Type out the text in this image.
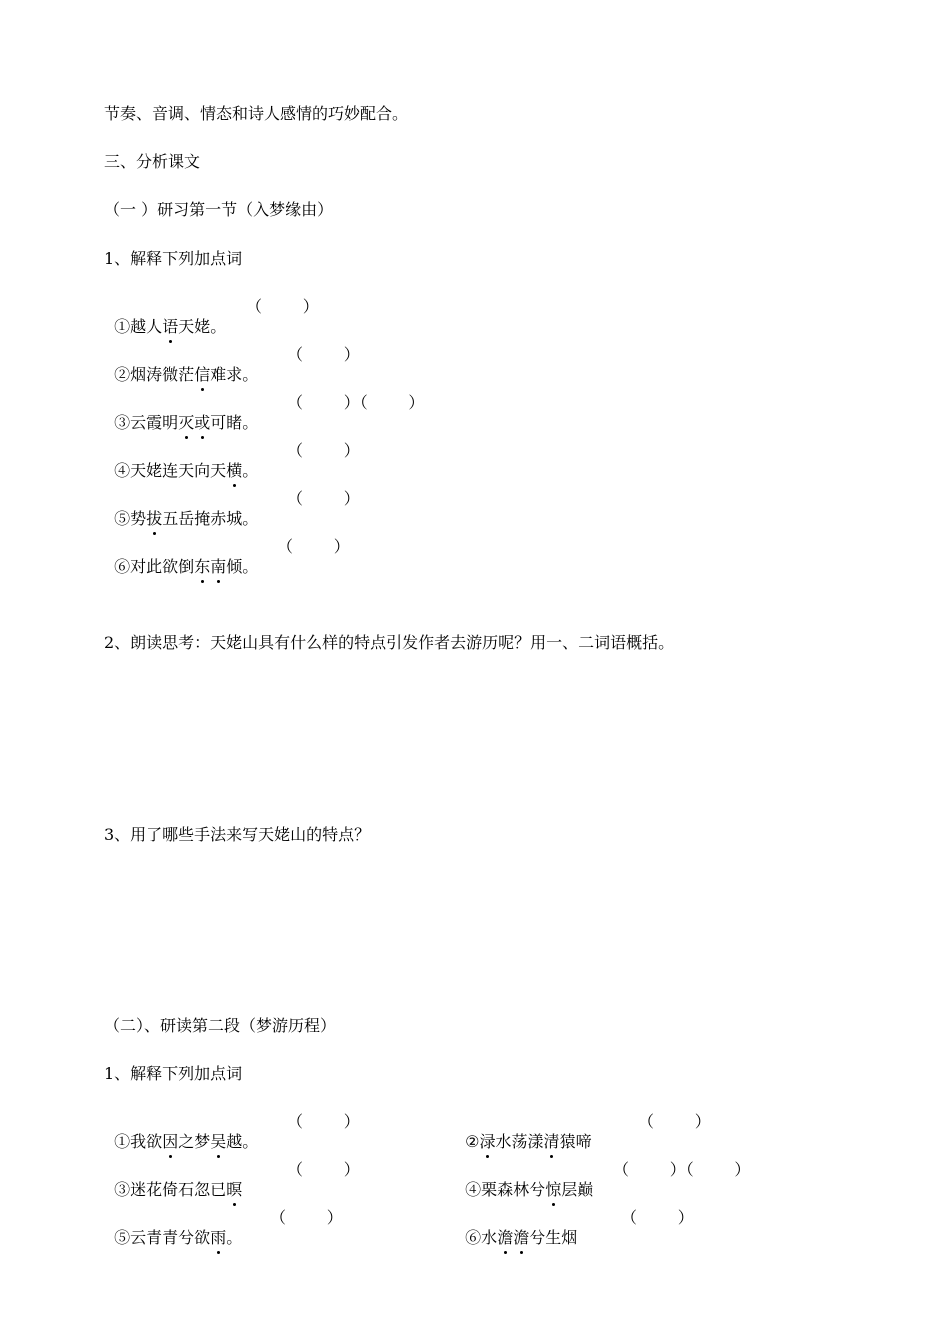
节奏、音调、情态和诗人感情的巧妙配合。
三、分析课文
（一 ）研习第一节（入梦缘由）
1、解释下列加点词

①越人语天姥。

（        ）

②烟涛微茫信难求。

（        ）

③云霞明灭或可睹。

（        ）（        ）

④天姥连天向天横。

（        ）

⑤势拔五岳掩赤城。

（        ）

⑥对此欲倒东南倾。

（        ）
2、朗读思考：天姥山具有什么样的特点引发作者去游历呢？用一、二词语概括。
3、用了哪些手法来写天姥山的特点？
（二）、研读第二段（梦游历程）
1、解释下列加点词

①我欲因之梦吴越。

（        ）

③迷花倚石忽已暝

（        ）

⑤云青青兮欲雨。

（        ）

②渌水荡漾清猿啼

（        ）

④栗森林兮惊层巅

（        ）（        ）

⑥水澹澹兮生烟

（        ）
